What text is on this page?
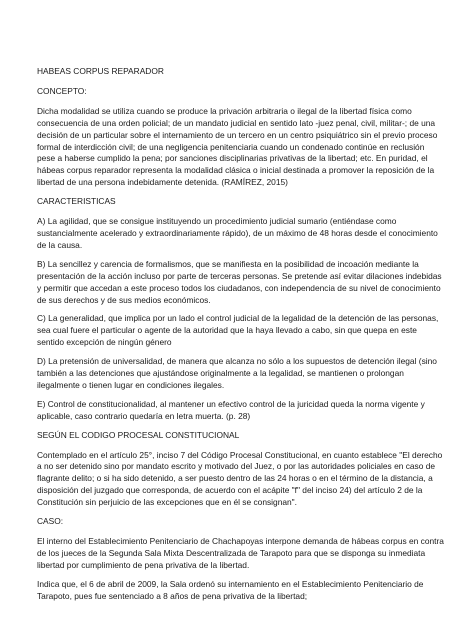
HABEAS CORPUS REPARADOR

CONCEPTO:

Dicha modalidad se utiliza cuando se produce la privación arbitraria o ilegal de la libertad física como consecuencia de una orden policial; de un mandato judicial en sentido lato -juez penal, civil, militar-; de una decisión de un particular sobre el internamiento de un tercero en un centro psiquiátrico sin el previo proceso formal de interdicción civil; de una negligencia penitenciaria cuando un condenado continúe en reclusión pese a haberse cumplido la pena; por sanciones disciplinarias privativas de la libertad; etc. En puridad, el hábeas corpus reparador representa la modalidad clásica o inicial destinada a promover la reposición de la libertad de una persona indebidamente detenida. (RAMÍREZ, 2015)

CARACTERISTICAS

A) La agilidad, que se consigue instituyendo un procedimiento judicial sumario (entiéndase como sustancialmente acelerado y extraordinariamente rápido), de un máximo de 48 horas desde el conocimiento de la causa.

B) La sencillez y carencia de formalismos, que se manifiesta en la posibilidad de incoación mediante la presentación de la acción incluso por parte de terceras personas. Se pretende así evitar dilaciones indebidas y permitir que accedan a este proceso todos los ciudadanos, con independencia de su nivel de conocimiento de sus derechos y de sus medios económicos.

C) La generalidad, que implica por un lado el control judicial de la legalidad de la detención de las personas, sea cual fuere el particular o agente de la autoridad que la haya llevado a cabo, sin que quepa en este sentido excepción de ningún género

D) La pretensión de universalidad, de manera que alcanza no sólo a los supuestos de detención ilegal (sino también a las detenciones que ajustándose originalmente a la legalidad, se mantienen o prolongan ilegalmente o tienen lugar en condiciones ilegales.

E) Control de constitucionalidad, al mantener un efectivo control de la juricidad queda la norma vigente y aplicable, caso contrario quedaría en letra muerta. (p. 28)

SEGÚN EL CODIGO PROCESAL CONSTITUCIONAL

Contemplado en el artículo 25°, inciso 7 del Código Procesal Constitucional, en cuanto establece "El derecho a no ser detenido sino por mandato escrito y motivado del Juez, o por las autoridades policiales en caso de flagrante delito; o si ha sido detenido, a ser puesto dentro de las 24 horas o en el término de la distancia, a disposición del juzgado que corresponda, de acuerdo con el acápite "f" del inciso 24) del artículo 2 de la Constitución sin perjuicio de las excepciones que en él se consignan".

CASO:

El interno del Establecimiento Penitenciario de Chachapoyas interpone demanda de hábeas corpus en contra de los jueces de la Segunda Sala Mixta Descentralizada de Tarapoto para que se disponga su inmediata libertad por cumplimiento de pena privativa de la libertad.

Indica que, el 6 de abril de 2009, la Sala ordenó su internamiento en el Establecimiento Penitenciario de Tarapoto, pues fue sentenciado a 8 años de pena privativa de la libertad;
